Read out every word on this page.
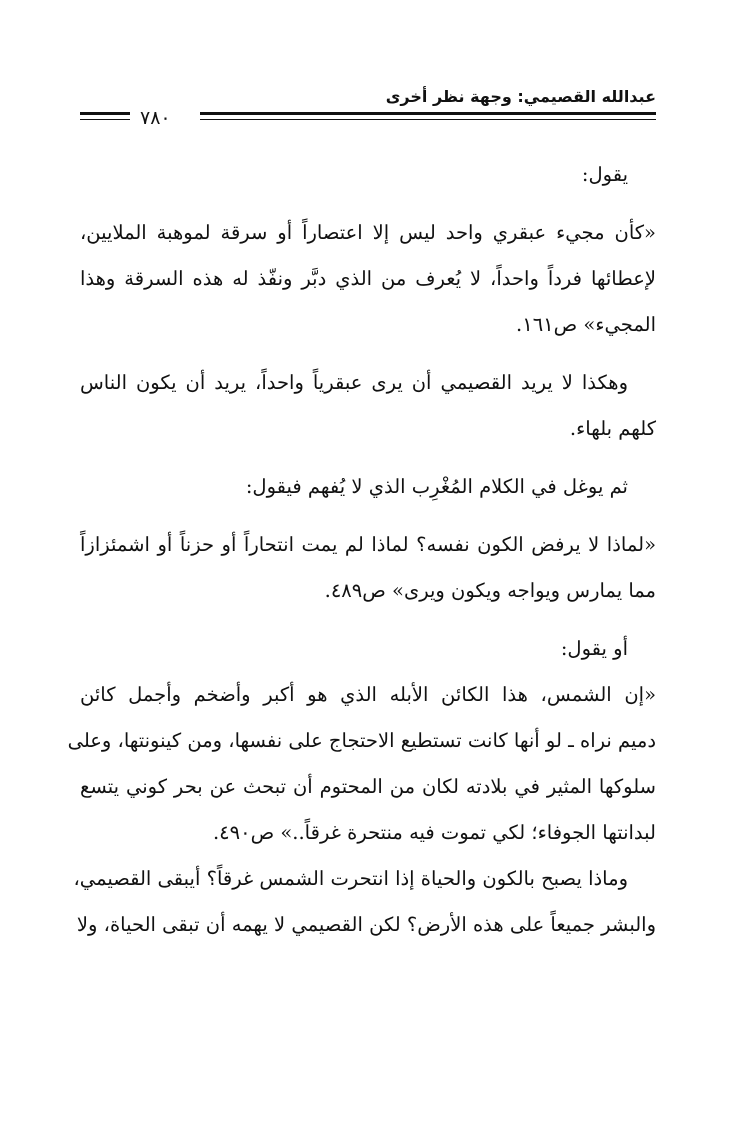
عبدالله القصيمي: وجهة نظر أخرى
٧٨٠

يقول:

«كأن مجيء عبقري واحد ليس إلا اعتصاراً أو سرقة لموهبة الملايين،
لإعطائها فرداً واحداً، لا يُعرف من الذي دبَّر ونفّذ له هذه السرقة وهذا
المجيء» ص١٦١.

وهكذا لا يريد القصيمي أن يرى عبقرياً واحداً، يريد أن يكون الناس
كلهم بلهاء.

ثم يوغل في الكلام المُغْرِب الذي لا يُفهم فيقول:

«لماذا لا يرفض الكون نفسه؟ لماذا لم يمت انتحاراً أو حزناً أو اشمئزازاً
مما يمارس ويواجه ويكون ويرى» ص٤٨٩.

أو يقول:

«إن الشمس، هذا الكائن الأبله الذي هو أكبر وأضخم وأجمل كائن
دميم نراه ـ لو أنها كانت تستطيع الاحتجاج على نفسها، ومن كينونتها، وعلى
سلوكها المثير في بلادته لكان من المحتوم أن تبحث عن بحر كوني يتسع
لبدانتها الجوفاء؛ لكي تموت فيه منتحرة غرقاً..» ص٤٩٠.

وماذا يصبح بالكون والحياة إذا انتحرت الشمس غرقاً؟ أيبقى القصيمي،
والبشر جميعاً على هذه الأرض؟ لكن القصيمي لا يهمه أن تبقى الحياة، ولا
